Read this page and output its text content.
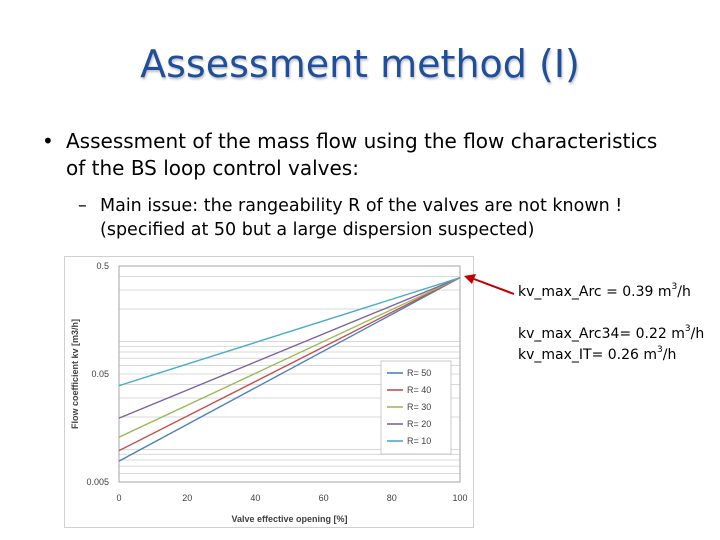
Assessment method (I)
• Assessment of the mass flow using the flow characteristics of the BS loop control valves:
– Main issue: the rangeability R of the valves are not known ! (specified at 50 but a large dispersion suspected)
0.005
0.05
0.5
0	20	40	60	80	100
Valve effective opening [%]
Flow coefficient kv [m3/h]	R= 50
R= 40
R= 30
R= 20
R= 10
kv_max_Arc = 0.39 $m^3/h$
kv_max_Arc34= 0.22 $m^3/h$
kv_max_IT= 0.26 $m^3/h$
